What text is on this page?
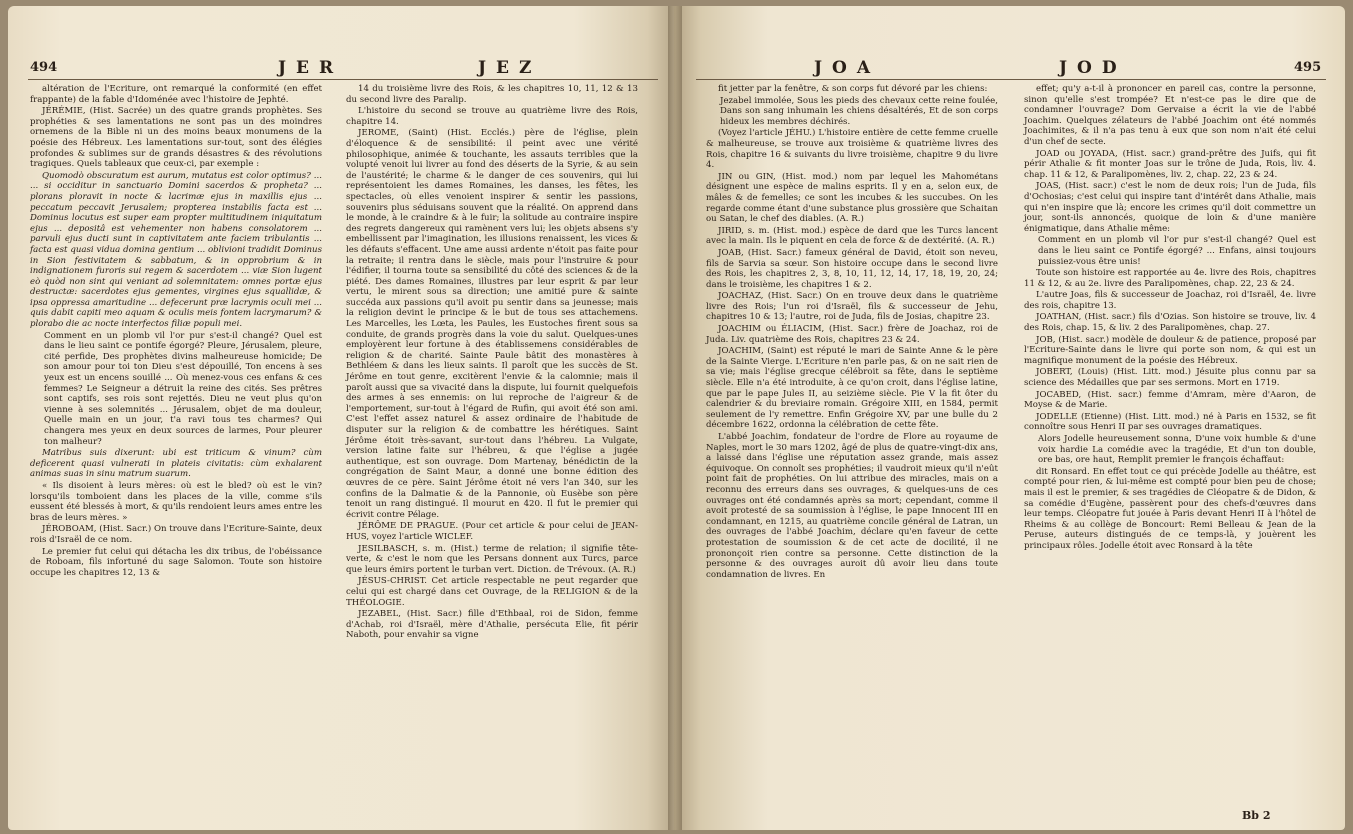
494	JER	JEZ

altération de l'Ecriture, ont remarqué la conformité (en effet frappante) de la fable d'Idoménée avec l'histoire de Jephté.

JÉRÉMIE, (Hist. Sacrée) un des quatre grands prophètes. Ses prophéties & ses lamentations ne sont pas un des moindres ornemens de la Bible ni un des moins beaux monumens de la poésie des Hébreux. Les lamentations sur-tout, sont des élégies profondes & sublimes sur de grands désastres & des révolutions tragiques. Quels tableaux que ceux-ci, par exemple :

Quomodò obscuratum est aurum, mutatus est color optimus? ... ... si occiditur in sanctuario Domini sacerdos & propheta? ... plorans ploravit in nocte & lacrimæ ejus in maxillis ejus ... peccatum peccavit Jerusalem; propterea instabilis facta est ... Dominus locutus est super eam propter multitudinem iniquitatum ejus ... depositâ est vehementer non habens consolatorem ... parvuli ejus ducti sunt in captivitatem ante faciem tribulantis ... facta est quasi vidua domina gentium ... oblivioni tradidit Dominus in Sion festivitatem & sabbatum, & in opprobrium & in indignationem furoris sui regem & sacerdotem ... viæ Sion lugent eò quòd non sint qui veniant ad solemnitatem: omnes portæ ejus destructæ: sacerdotes ejus gementes, virgines ejus squallidæ, & ipsa oppressa amaritudine ... defecerunt præ lacrymis oculi mei ... quis dabit capiti meo aquam & oculis meis fontem lacrymarum? & plorabo die ac nocte interfectos filiæ populi mei.

Comment en un plomb vil l'or pur s'est-il changé? Quel est dans le lieu saint ce pontife égorgé? Pleure, Jérusalem, pleure, cité perfide, Des prophètes divins malheureuse homicide; De son amour pour toi ton Dieu s'est dépouillé, Ton encens à ses yeux est un encens souillé ... Où menez-vous ces enfans & ces femmes? Le Seigneur a détruit la reine des cités. Ses prêtres sont captifs, ses rois sont rejettés. Dieu ne veut plus qu'on vienne à ses solemnités ... Jérusalem, objet de ma douleur, Quelle main en un jour, t'a ravi tous tes charmes? Qui changera mes yeux en deux sources de larmes, Pour pleurer ton malheur?

Matribus suis dixerunt: ubi est triticum & vinum? cùm deficerent quasi vulnerati in plateis civitatis: cùm exhalarent animas suas in sinu matrum suarum.

« Ils disoient à leurs mères: où est le bled? où est le vin? lorsqu'ils tomboient dans les places de la ville, comme s'ils eussent été blessés à mort, & qu'ils rendoient leurs ames entre les bras de leurs mères. »

JÉROBOAM, (Hist. Sacr.) On trouve dans l'Ecriture-Sainte, deux rois d'Israël de ce nom.

Le premier fut celui qui détacha les dix tribus, de l'obéissance de Roboam, fils infortuné du sage Salomon. Toute son histoire occupe les chapitres 12, 13 &

14 du troisième livre des Rois, & les chapitres 10, 11, 12 & 13 du second livre des Paralip.

L'histoire du second se trouve au quatrième livre des Rois, chapitre 14.

JEROME, (Saint) (Hist. Ecclés.) père de l'église, plein d'éloquence & de sensibilité: il peint avec une vérité philosophique, animée & touchante, les assauts terribles que la volupté venoit lui livrer au fond des déserts de la Syrie, & au sein de l'austérité; le charme & le danger de ces souvenirs, qui lui représentoient les dames Romaines, les danses, les fêtes, les spectacles, où elles venoient inspirer & sentir les passions, souvenirs plus séduisans souvent que la réalité. On apprend dans le monde, à le craindre & à le fuir; la solitude au contraire inspire des regrets dangereux qui ramènent vers lui; les objets absens s'y embellissent par l'imagination, les illusions renaissent, les vices & les défauts s'effacent. Une ame aussi ardente n'étoit pas faite pour la retraite; il rentra dans le siècle, mais pour l'instruire & pour l'édifier, il tourna toute sa sensibilité du côté des sciences & de la piété. Des dames Romaines, illustres par leur esprit & par leur vertu, le mirent sous sa direction; une amitié pure & sainte succéda aux passions qu'il avoit pu sentir dans sa jeunesse; mais la religion devint le principe & le but de tous ses attachemens. Les Marcelles, les Lœta, les Paules, les Eustoches firent sous sa conduite, de grands progrès dans la voie du salut. Quelques-unes employèrent leur fortune à des établissemens considérables de religion & de charité. Sainte Paule bâtit des monastères à Bethléem & dans les lieux saints. Il paroît que les succès de St. Jérôme en tout genre, excitèrent l'envie & la calomnie; mais il paroît aussi que sa vivacité dans la dispute, lui fournit quelquefois des armes à ses ennemis: on lui reproche de l'aigreur & de l'emportement, sur-tout à l'égard de Rufin, qui avoit été son ami. C'est l'effet assez naturel & assez ordinaire de l'habitude de disputer sur la religion & de combattre les hérétiques. Saint Jérôme étoit très-savant, sur-tout dans l'hébreu. La Vulgate, version latine faite sur l'hébreu, & que l'église a jugée authentique, est son ouvrage. Dom Martenay, bénédictin de la congrégation de Saint Maur, a donné une bonne édition des œuvres de ce père. Saint Jérôme étoit né vers l'an 340, sur les confins de la Dalmatie & de la Pannonie, où Eusèbe son père tenoit un rang distingué. Il mourut en 420. Il fut le premier qui écrivit contre Pélage.

JÉRÔME DE PRAGUE. (Pour cet article & pour celui de JEAN-HUS, voyez l'article WICLEF.

JESILBASCH, s. m. (Hist.) terme de relation; il signifie tête-verte, & c'est le nom que les Persans donnent aux Turcs, parce que leurs émirs portent le turban vert. Diction. de Trévoux. (A. R.)

JÉSUS-CHRIST. Cet article respectable ne peut regarder que celui qui est chargé dans cet Ouvrage, de la RELIGION & de la THÉOLOGIE.

JEZABEL, (Hist. Sacr.) fille d'Ethbaal, roi de Sidon, femme d'Achab, roi d'Israël, mère d'Athalie, persécuta Elie, fit périr Naboth, pour envahir sa vigne

JOA	JOD	495

fit jetter par la fenêtre, & son corps fut dévoré par les chiens:

Jezabel immolée, Sous les pieds des chevaux cette reine foulée, Dans son sang inhumain les chiens désaltérés, Et de son corps hideux les membres déchirés.

(Voyez l'article JÉHU.) L'histoire entière de cette femme cruelle & malheureuse, se trouve aux troisième & quatrième livres des Rois, chapitre 16 & suivants du livre troisième, chapitre 9 du livre 4.

JIN ou GIN, (Hist. mod.) nom par lequel les Mahométans désignent une espèce de malins esprits. Il y en a, selon eux, de mâles & de femelles; ce sont les incubes & les succubes. On les regarde comme étant d'une substance plus grossière que Schaitan ou Satan, le chef des diables. (A. R.)

JIRID, s. m. (Hist. mod.) espèce de dard que les Turcs lancent avec la main. Ils le piquent en cela de force & de dextérité. (A. R.)

JOAB, (Hist. Sacr.) fameux général de David, étoit son neveu, fils de Sarvia sa sœur. Son histoire occupe dans le second livre des Rois, les chapitres 2, 3, 8, 10, 11, 12, 14, 17, 18, 19, 20, 24; dans le troisième, les chapitres 1 & 2.

JOACHAZ, (Hist. Sacr.) On en trouve deux dans le quatrième livre des Rois; l'un roi d'Israël, fils & successeur de Jehu, chapitres 10 & 13; l'autre, roi de Juda, fils de Josias, chapitre 23.

JOACHIM ou ÉLIACIM, (Hist. Sacr.) frère de Joachaz, roi de Juda. Liv. quatrième des Rois, chapitres 23 & 24.

JOACHIM, (Saint) est réputé le mari de Sainte Anne & le père de la Sainte Vierge. L'Ecriture n'en parle pas, & on ne sait rien de sa vie; mais l'église grecque célébroit sa fête, dans le septième siècle. Elle n'a été introduite, à ce qu'on croit, dans l'église latine, que par le pape Jules II, au seizième siècle. Pie V la fit ôter du calendrier & du breviaire romain. Grégoire XIII, en 1584, permit seulement de l'y remettre. Enfin Grégoire XV, par une bulle du 2 décembre 1622, ordonna la célébration de cette fête.

L'abbé Joachim, fondateur de l'ordre de Flore au royaume de Naples, mort le 30 mars 1202, âgé de plus de quatre-vingt-dix ans, a laissé dans l'église une réputation assez grande, mais assez équivoque. On connoît ses prophéties; il vaudroit mieux qu'il n'eût point fait de prophéties. On lui attribue des miracles, mais on a reconnu des erreurs dans ses ouvrages, & quelques-uns de ces ouvrages ont été condamnés après sa mort; cependant, comme il avoit protesté de sa soumission à l'église, le pape Innocent III en condamnant, en 1215, au quatrième concile général de Latran, un des ouvrages de l'abbé Joachim, déclare qu'en faveur de cette protestation de soumission & de cet acte de docilité, il ne prononçoit rien contre sa personne. Cette distinction de la personne & des ouvrages auroit dû avoir lieu dans toute condamnation de livres. En

effet; qu'y a-t-il à prononcer en pareil cas, contre la personne, sinon qu'elle s'est trompée? Et n'est-ce pas le dire que de condamner l'ouvrage? Dom Gervaise a écrit la vie de l'abbé Joachim. Quelques zélateurs de l'abbé Joachim ont été nommés Joachimites, & il n'a pas tenu à eux que son nom n'ait été celui d'un chef de secte.

JOAD ou JOYADA, (Hist. sacr.) grand-prêtre des Juifs, qui fit périr Athalie & fit monter Joas sur le trône de Juda, Rois, liv. 4. chap. 11 & 12, & Paralipomènes, liv. 2, chap. 22, 23 & 24.

JOAS, (Hist. sacr.) c'est le nom de deux rois; l'un de Juda, fils d'Ochosias; c'est celui qui inspire tant d'intérêt dans Athalie, mais qui n'en inspire que là; encore les crimes qu'il doit commettre un jour, sont-ils annoncés, quoique de loin & d'une manière énigmatique, dans Athalie même:

Comment en un plomb vil l'or pur s'est-il changé? Quel est dans le lieu saint ce Pontife égorgé? ... Enfans, ainsi toujours puissiez-vous être unis!

Toute son histoire est rapportée au 4e. livre des Rois, chapitres 11 & 12, & au 2e. livre des Paralipomènes, chap. 22, 23 & 24.

L'autre Joas, fils & successeur de Joachaz, roi d'Israël, 4e. livre des rois, chapitre 13.

JOATHAN, (Hist. sacr.) fils d'Ozias. Son histoire se trouve, liv. 4 des Rois, chap. 15, & liv. 2 des Paralipomènes, chap. 27.

JOB, (Hist. sacr.) modèle de douleur & de patience, proposé par l'Ecriture-Sainte dans le livre qui porte son nom, & qui est un magnifique monument de la poésie des Hébreux.

JOBERT, (Louis) (Hist. Litt. mod.) Jésuite plus connu par sa science des Médailles que par ses sermons. Mort en 1719.

JOCABED, (Hist. sacr.) femme d'Amram, mère d'Aaron, de Moyse & de Marie.

JODELLE (Etienne) (Hist. Litt. mod.) né à Paris en 1532, se fit connoître sous Henri II par ses ouvrages dramatiques.

Alors Jodelle heureusement sonna, D'une voix humble & d'une voix hardie La comédie avec la tragédie, Et d'un ton double, ore bas, ore haut, Remplit premier le françois échaffaut:

dit Ronsard. En effet tout ce qui précède Jodelle au théâtre, est compté pour rien, & lui-même est compté pour bien peu de chose; mais il est le premier, & ses tragédies de Cléopatre & de Didon, & sa comédie d'Eugène, passèrent pour des chefs-d'œuvres dans leur temps. Cléopatre fut jouée à Paris devant Henri II à l'hôtel de Rheims & au collège de Boncourt: Remi Belleau & Jean de la Peruse, auteurs distingués de ce temps-là, y jouèrent les principaux rôles. Jodelle étoit avec Ronsard à la tête

Bb 2
